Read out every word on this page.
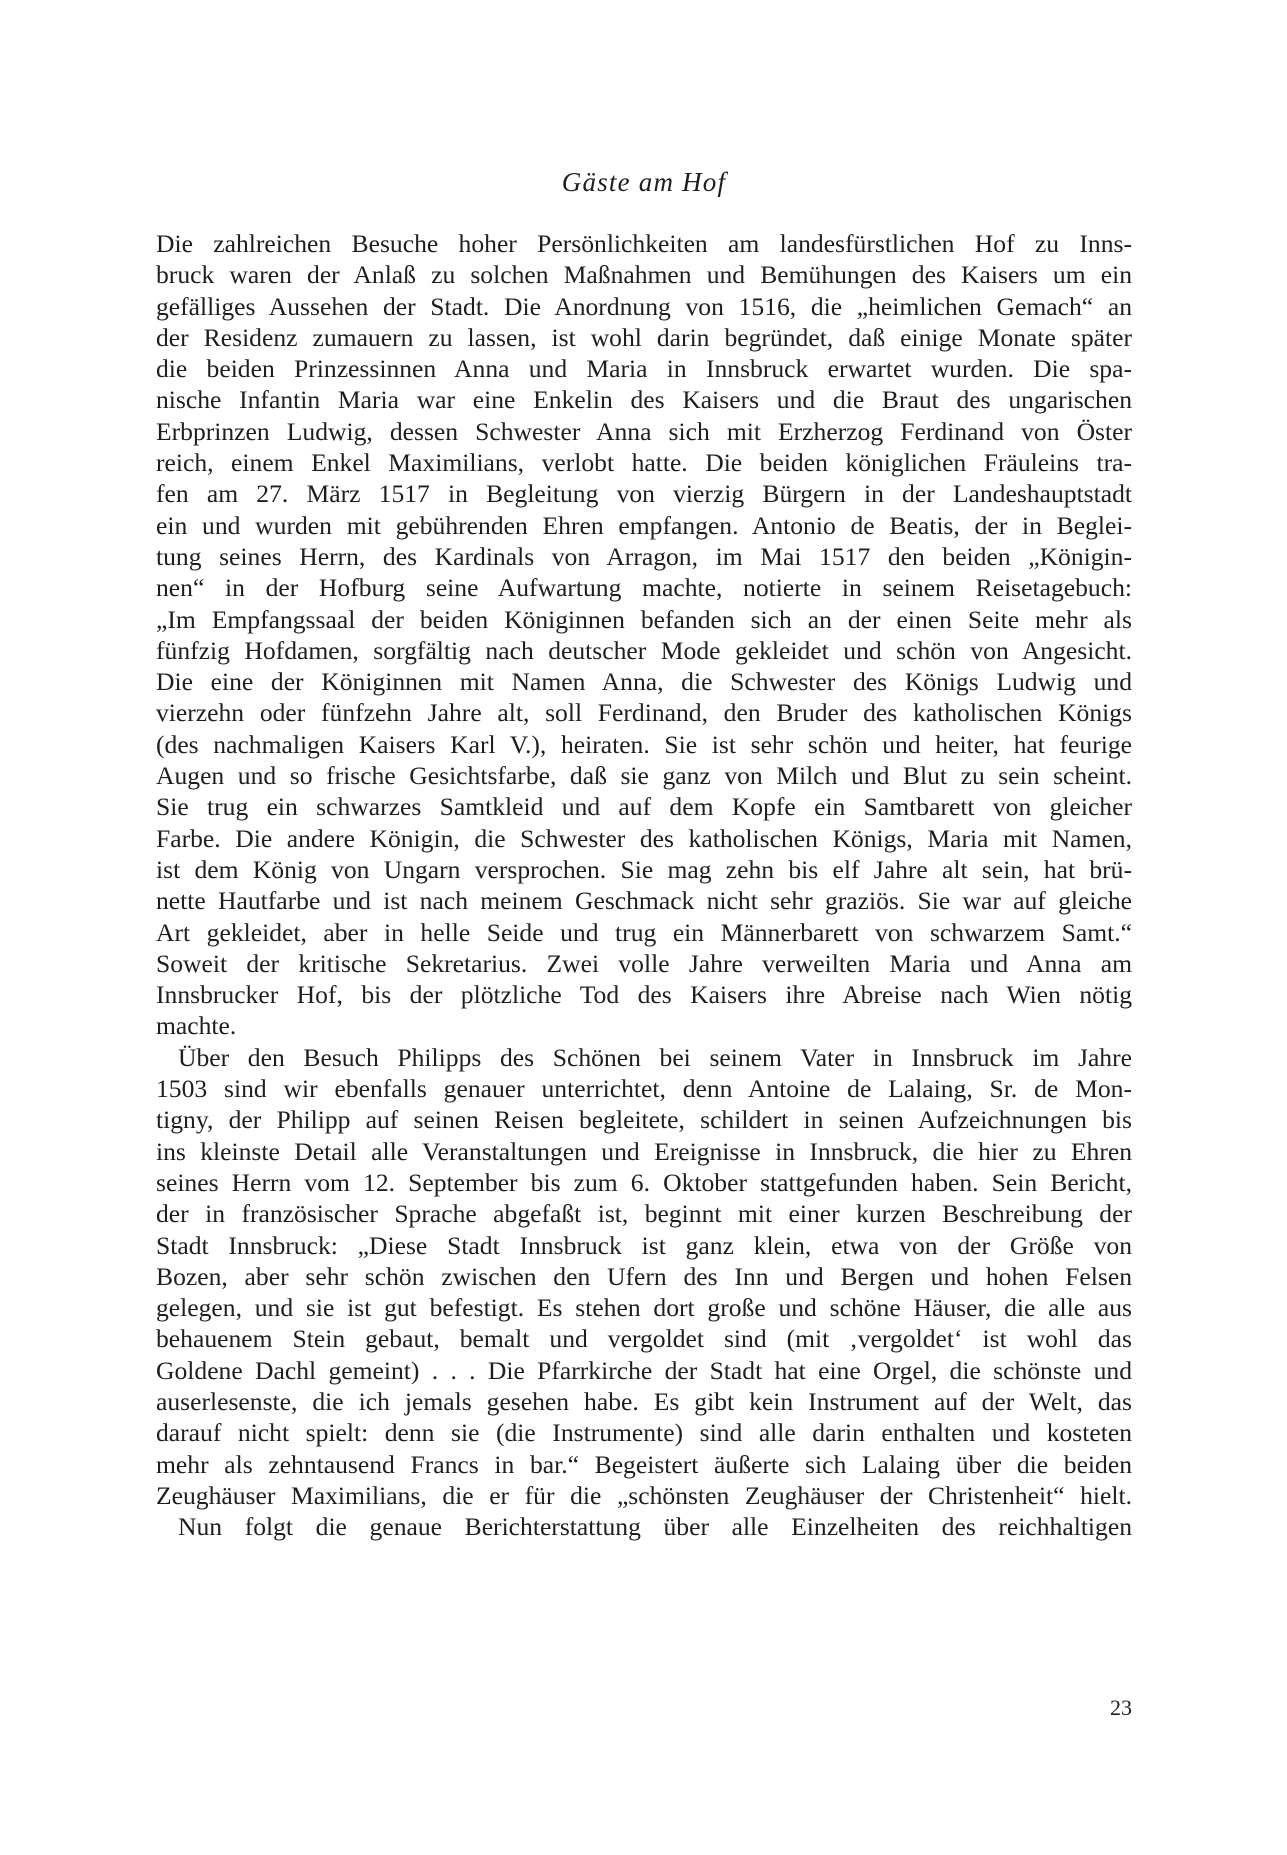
Gäste am Hof
Die zahlreichen Besuche hoher Persönlichkeiten am landesfürstlichen Hof zu Inns-
bruck waren der Anlaß zu solchen Maßnahmen und Bemühungen des Kaisers um ein
gefälliges Aussehen der Stadt. Die Anordnung von 1516, die „heimlichen Gemach“ an
der Residenz zumauern zu lassen, ist wohl darin begründet, daß einige Monate später
die beiden Prinzessinnen Anna und Maria in Innsbruck erwartet wurden. Die spa-
nische Infantin Maria war eine Enkelin des Kaisers und die Braut des ungarischen
Erbprinzen Ludwig, dessen Schwester Anna sich mit Erzherzog Ferdinand von Öster
reich, einem Enkel Maximilians, verlobt hatte. Die beiden königlichen Fräuleins tra-
fen am 27. März 1517 in Begleitung von vierzig Bürgern in der Landeshauptstadt
ein und wurden mit gebührenden Ehren empfangen. Antonio de Beatis, der in Beglei-
tung seines Herrn, des Kardinals von Arragon, im Mai 1517 den beiden „Königin-
nen“ in der Hofburg seine Aufwartung machte, notierte in seinem Reisetagebuch:
„Im Empfangssaal der beiden Königinnen befanden sich an der einen Seite mehr als
fünfzig Hofdamen, sorgfältig nach deutscher Mode gekleidet und schön von Angesicht.
Die eine der Königinnen mit Namen Anna, die Schwester des Königs Ludwig und
vierzehn oder fünfzehn Jahre alt, soll Ferdinand, den Bruder des katholischen Königs
(des nachmaligen Kaisers Karl V.), heiraten. Sie ist sehr schön und heiter, hat feurige
Augen und so frische Gesichtsfarbe, daß sie ganz von Milch und Blut zu sein scheint.
Sie trug ein schwarzes Samtkleid und auf dem Kopfe ein Samtbarett von gleicher
Farbe. Die andere Königin, die Schwester des katholischen Königs, Maria mit Namen,
ist dem König von Ungarn versprochen. Sie mag zehn bis elf Jahre alt sein, hat brü-
nette Hautfarbe und ist nach meinem Geschmack nicht sehr graziös. Sie war auf gleiche
Art gekleidet, aber in helle Seide und trug ein Männerbarett von schwarzem Samt.“
Soweit der kritische Sekretarius. Zwei volle Jahre verweilten Maria und Anna am
Innsbrucker Hof, bis der plötzliche Tod des Kaisers ihre Abreise nach Wien nötig
machte.
Über den Besuch Philipps des Schönen bei seinem Vater in Innsbruck im Jahre
1503 sind wir ebenfalls genauer unterrichtet, denn Antoine de Lalaing, Sr. de Mon-
tigny, der Philipp auf seinen Reisen begleitete, schildert in seinen Aufzeichnungen bis
ins kleinste Detail alle Veranstaltungen und Ereignisse in Innsbruck, die hier zu Ehren
seines Herrn vom 12. September bis zum 6. Oktober stattgefunden haben. Sein Bericht,
der in französischer Sprache abgefaßt ist, beginnt mit einer kurzen Beschreibung der
Stadt Innsbruck: „Diese Stadt Innsbruck ist ganz klein, etwa von der Größe von
Bozen, aber sehr schön zwischen den Ufern des Inn und Bergen und hohen Felsen
gelegen, und sie ist gut befestigt. Es stehen dort große und schöne Häuser, die alle aus
behauenem Stein gebaut, bemalt und vergoldet sind (mit ‚vergoldet‘ ist wohl das
Goldene Dachl gemeint) . . . Die Pfarrkirche der Stadt hat eine Orgel, die schönste und
auserlesenste, die ich jemals gesehen habe. Es gibt kein Instrument auf der Welt, das
darauf nicht spielt: denn sie (die Instrumente) sind alle darin enthalten und kosteten
mehr als zehntausend Francs in bar.“ Begeistert äußerte sich Lalaing über die beiden
Zeughäuser Maximilians, die er für die „schönsten Zeughäuser der Christenheit“ hielt.
Nun folgt die genaue Berichterstattung über alle Einzelheiten des reichhaltigen
23
